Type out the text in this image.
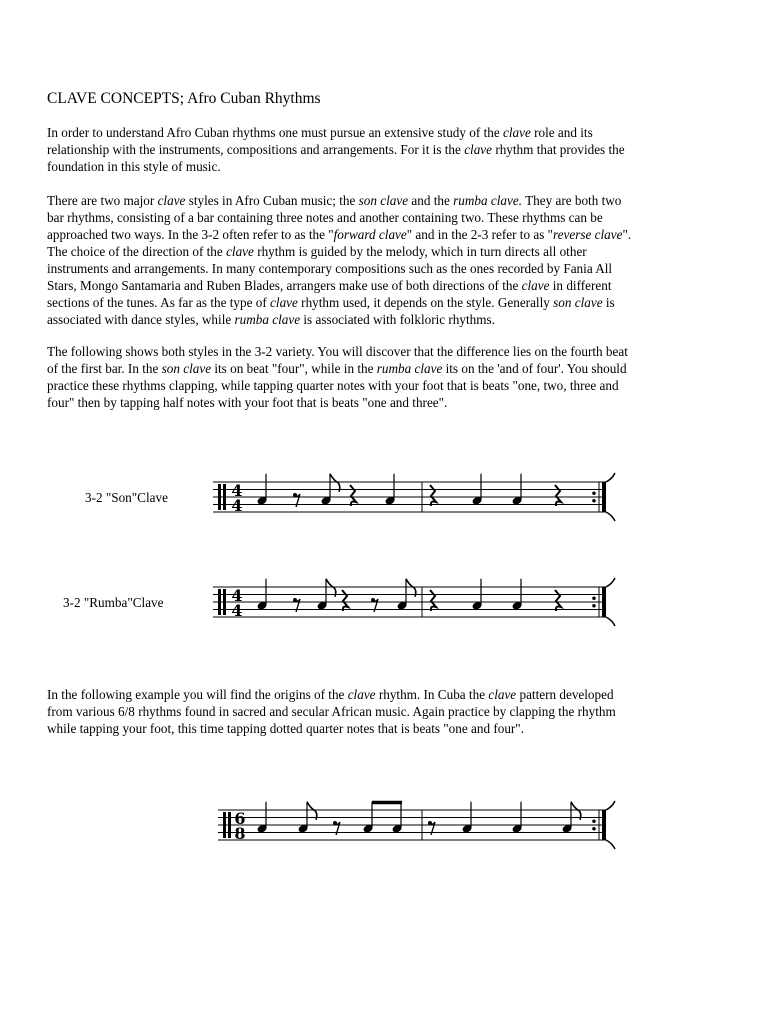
CLAVE CONCEPTS; Afro Cuban Rhythms

In order to understand Afro Cuban rhythms one must pursue an extensive study of the clave role and its
relationship with the instruments, compositions and arrangements. For it is the clave rhythm that provides the
foundation in this style of music.

There are two major clave styles in Afro Cuban music; the son clave and the rumba clave. They are both two
bar rhythms, consisting of a bar containing three notes and another containing two. These rhythms can be
approached two ways. In the 3-2 often refer to as the "forward clave" and in the 2-3 refer to as "reverse clave".
The choice of the direction of the clave rhythm is guided by the melody, which in turn directs all other
instruments and arrangements. In many contemporary compositions such as the ones recorded by Fania All
Stars, Mongo Santamaria and Ruben Blades, arrangers make use of both directions of the clave in different
sections of the tunes. As far as the type of clave rhythm used, it depends on the style. Generally son clave is
associated with dance styles, while rumba clave is associated with folkloric rhythms.

The following shows both styles in the 3-2 variety. You will discover that the difference lies on the fourth beat
of the first bar. In the son clave its on beat "four", while in the rumba clave its on the 'and of four'. You should
practice these rhythms clapping, while tapping quarter notes with your foot that is beats "one, two, three and
four" then by tapping half notes with your foot that is beats "one and three".

3-2 "Son"Clave	4
4
3-2 "Rumba"Clave	4
4

In the following example you will find the origins of the clave rhythm. In Cuba the clave pattern developed
from various 6/8 rhythms found in sacred and secular African music. Again practice by clapping the rhythm
while tapping your foot, this time tapping dotted quarter notes that is beats "one and four".

6
8
